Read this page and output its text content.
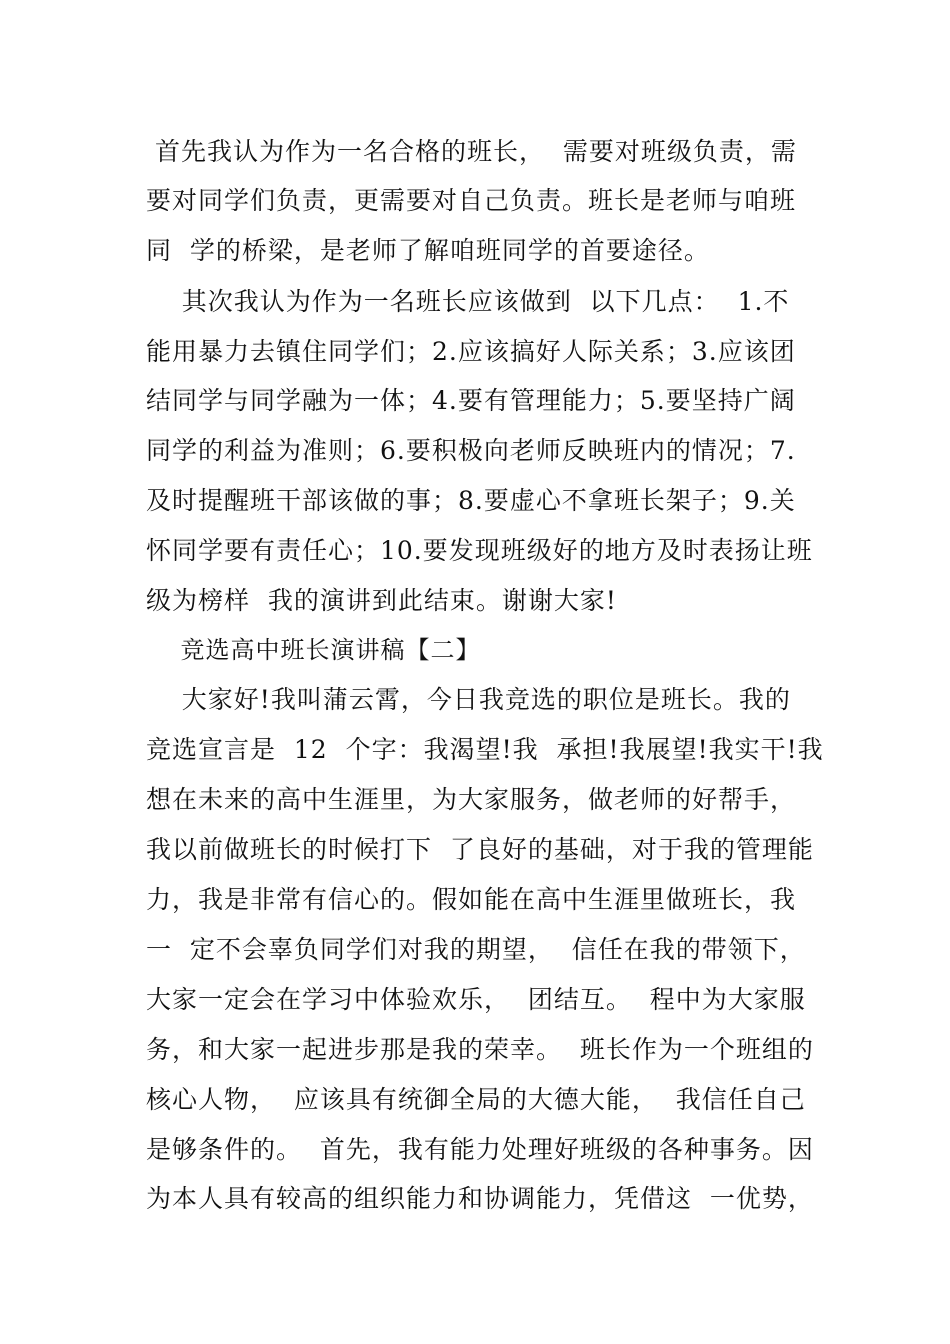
首先我认为作为一名合格的班长，  需要对班级负责，需
要对同学们负责，更需要对自己负责。班长是老师与咱班
同  学的桥梁，是老师了解咱班同学的首要途径。
其次我认为作为一名班长应该做到  以下几点：  1.不
能用暴力去镇住同学们；2.应该搞好人际关系；3.应该团
结同学与同学融为一体；4.要有管理能力；5.要坚持广阔
同学的利益为准则；6.要积极向老师反映班内的情况；7.
及时提醒班干部该做的事；8.要虚心不拿班长架子；9.关
怀同学要有责任心；10.要发现班级好的地方及时表扬让班
级为榜样  我的演讲到此结束。谢谢大家!
竞选高中班长演讲稿【二】
大家好!我叫蒲云霄，今日我竞选的职位是班长。我的
竞选宣言是  12  个字：我渴望!我  承担!我展望!我实干!我
想在未来的高中生涯里，为大家服务，做老师的好帮手，
我以前做班长的时候打下  了良好的基础，对于我的管理能
力，我是非常有信心的。假如能在高中生涯里做班长，我
一  定不会辜负同学们对我的期望，  信任在我的带领下，
大家一定会在学习中体验欢乐，  团结互。  程中为大家服
务，和大家一起进步那是我的荣幸。  班长作为一个班组的
核心人物，  应该具有统御全局的大德大能，  我信任自己
是够条件的。  首先，我有能力处理好班级的各种事务。因
为本人具有较高的组织能力和协调能力，凭借这  一优势，
